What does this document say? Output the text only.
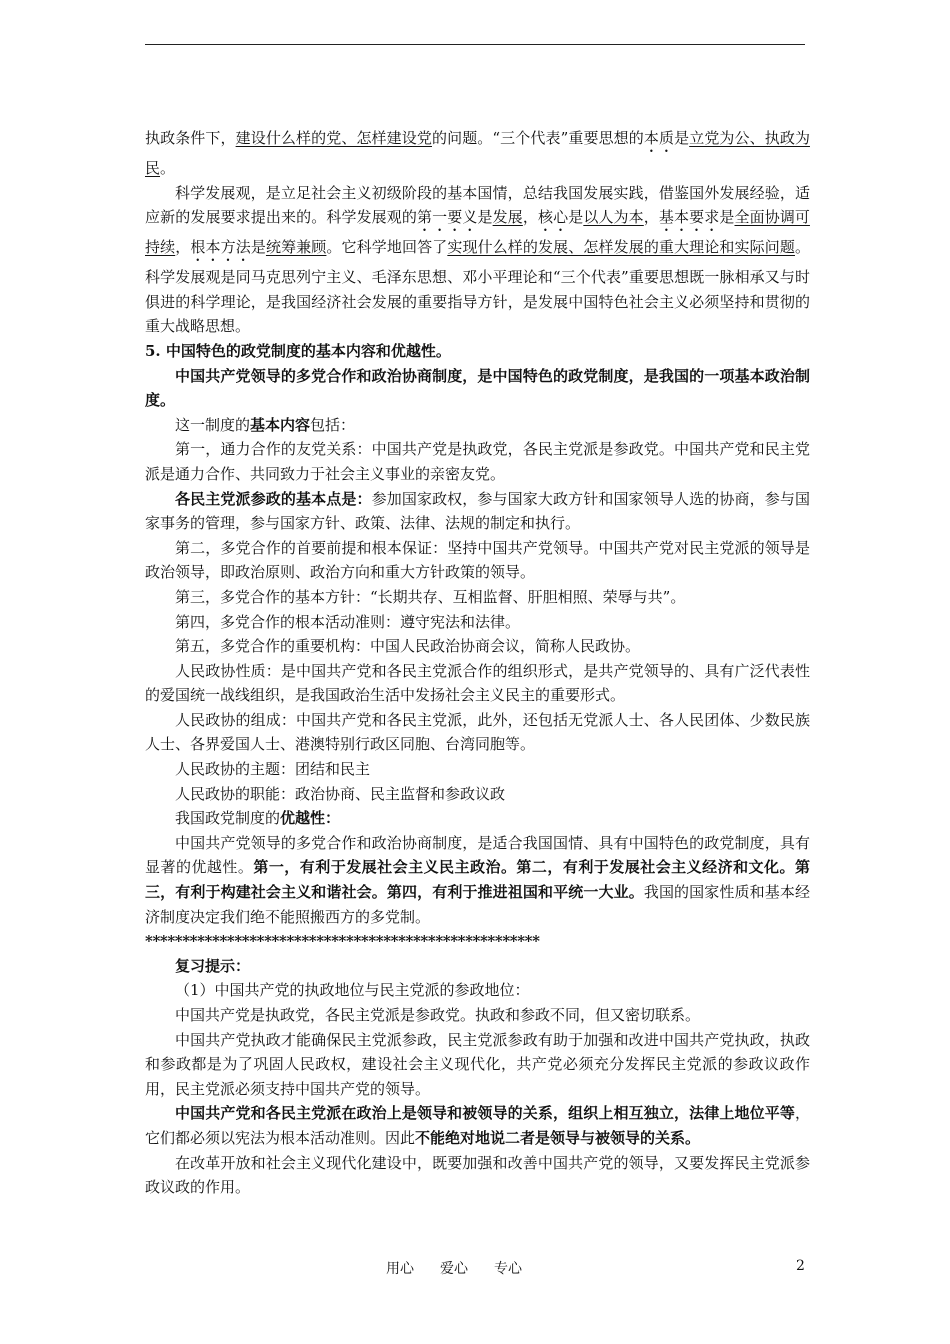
执政条件下，建设什么样的党、怎样建设党的问题。“三个代表”重要思想的本质是立党为公、执政为民。

科学发展观，是立足社会主义初级阶段的基本国情，总结我国发展实践，借鉴国外发展经验，适应新的发展要求提出来的。科学发展观的第一要义是发展，核心是以人为本，基本要求是全面协调可持续，根本方法是统筹兼顾。它科学地回答了实现什么样的发展、怎样发展的重大理论和实际问题。科学发展观是同马克思列宁主义、毛泽东思想、邓小平理论和“三个代表”重要思想既一脉相承又与时俱进的科学理论，是我国经济社会发展的重要指导方针，是发展中国特色社会主义必须坚持和贯彻的重大战略思想。

5. 中国特色的政党制度的基本内容和优越性。

中国共产党领导的多党合作和政治协商制度，是中国特色的政党制度，是我国的一项基本政治制度。

这一制度的基本内容包括：

第一，通力合作的友党关系：中国共产党是执政党，各民主党派是参政党。中国共产党和民主党派是通力合作、共同致力于社会主义事业的亲密友党。

各民主党派参政的基本点是：参加国家政权，参与国家大政方针和国家领导人选的协商，参与国家事务的管理，参与国家方针、政策、法律、法规的制定和执行。

第二，多党合作的首要前提和根本保证：坚持中国共产党领导。中国共产党对民主党派的领导是政治领导，即政治原则、政治方向和重大方针政策的领导。

第三，多党合作的基本方针：“长期共存、互相监督、肝胆相照、荣辱与共”。

第四，多党合作的根本活动准则：遵守宪法和法律。

第五，多党合作的重要机构：中国人民政治协商会议，简称人民政协。

人民政协性质：是中国共产党和各民主党派合作的组织形式，是共产党领导的、具有广泛代表性的爱国统一战线组织，是我国政治生活中发扬社会主义民主的重要形式。

人民政协的组成：中国共产党和各民主党派，此外，还包括无党派人士、各人民团体、少数民族人士、各界爱国人士、港澳特别行政区同胞、台湾同胞等。

人民政协的主题：团结和民主

人民政协的职能：政治协商、民主监督和参政议政

我国政党制度的优越性：

中国共产党领导的多党合作和政治协商制度，是适合我国国情、具有中国特色的政党制度，具有显著的优越性。第一，有利于发展社会主义民主政治。第二，有利于发展社会主义经济和文化。第三，有利于构建社会主义和谐社会。第四，有利于推进祖国和平统一大业。我国的国家性质和基本经济制度决定我们绝不能照搬西方的多党制。

*****************************************************

复习提示：

（1）中国共产党的执政地位与民主党派的参政地位：

中国共产党是执政党，各民主党派是参政党。执政和参政不同，但又密切联系。

中国共产党执政才能确保民主党派参政，民主党派参政有助于加强和改进中国共产党执政，执政和参政都是为了巩固人民政权，建设社会主义现代化，共产党必须充分发挥民主党派的参政议政作用，民主党派必须支持中国共产党的领导。

中国共产党和各民主党派在政治上是领导和被领导的关系，组织上相互独立，法律上地位平等，它们都必须以宪法为根本活动准则。因此不能绝对地说二者是领导与被领导的关系。

在改革开放和社会主义现代化建设中，既要加强和改善中国共产党的领导，又要发挥民主党派参政议政的作用。

用心 爱心 专心	2
